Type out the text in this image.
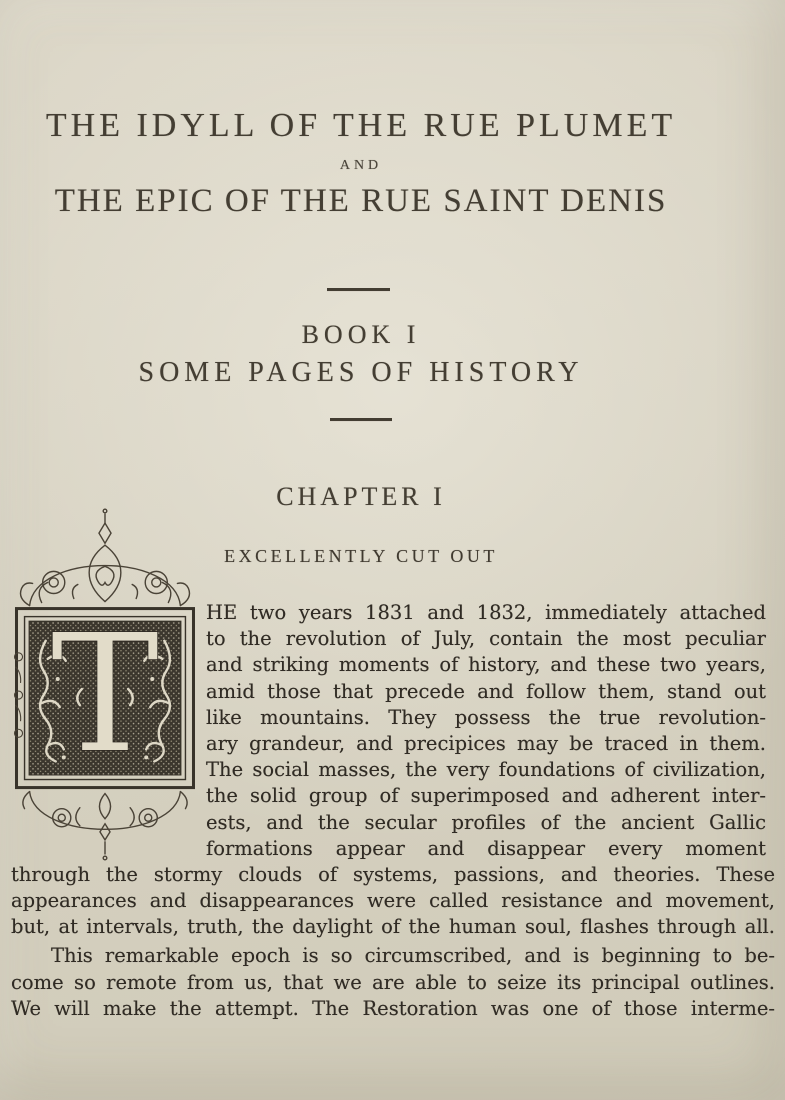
THE IDYLL OF THE RUE PLUMET
AND
THE EPIC OF THE RUE SAINT DENIS
BOOK I
SOME PAGES OF HISTORY
CHAPTER I
EXCELLENTLY CUT OUT
T HE two years 1831 and 1832, immediately attached
to the revolution of July, contain the most peculiar
and striking moments of history, and these two years,
amid those that precede and follow them, stand out
like mountains. They possess the true revolution-
ary grandeur, and precipices may be traced in them.
The social masses, the very foundations of civilization,
the solid group of superimposed and adherent inter-
ests, and the secular profiles of the ancient Gallic
formations appear and disappear every moment
through the stormy clouds of systems, passions, and theories. These
appearances and disappearances were called resistance and movement,
but, at intervals, truth, the daylight of the human soul, flashes through all.
This remarkable epoch is so circumscribed, and is beginning to be-
come so remote from us, that we are able to seize its principal outlines.
We will make the attempt. The Restoration was one of those interme-
